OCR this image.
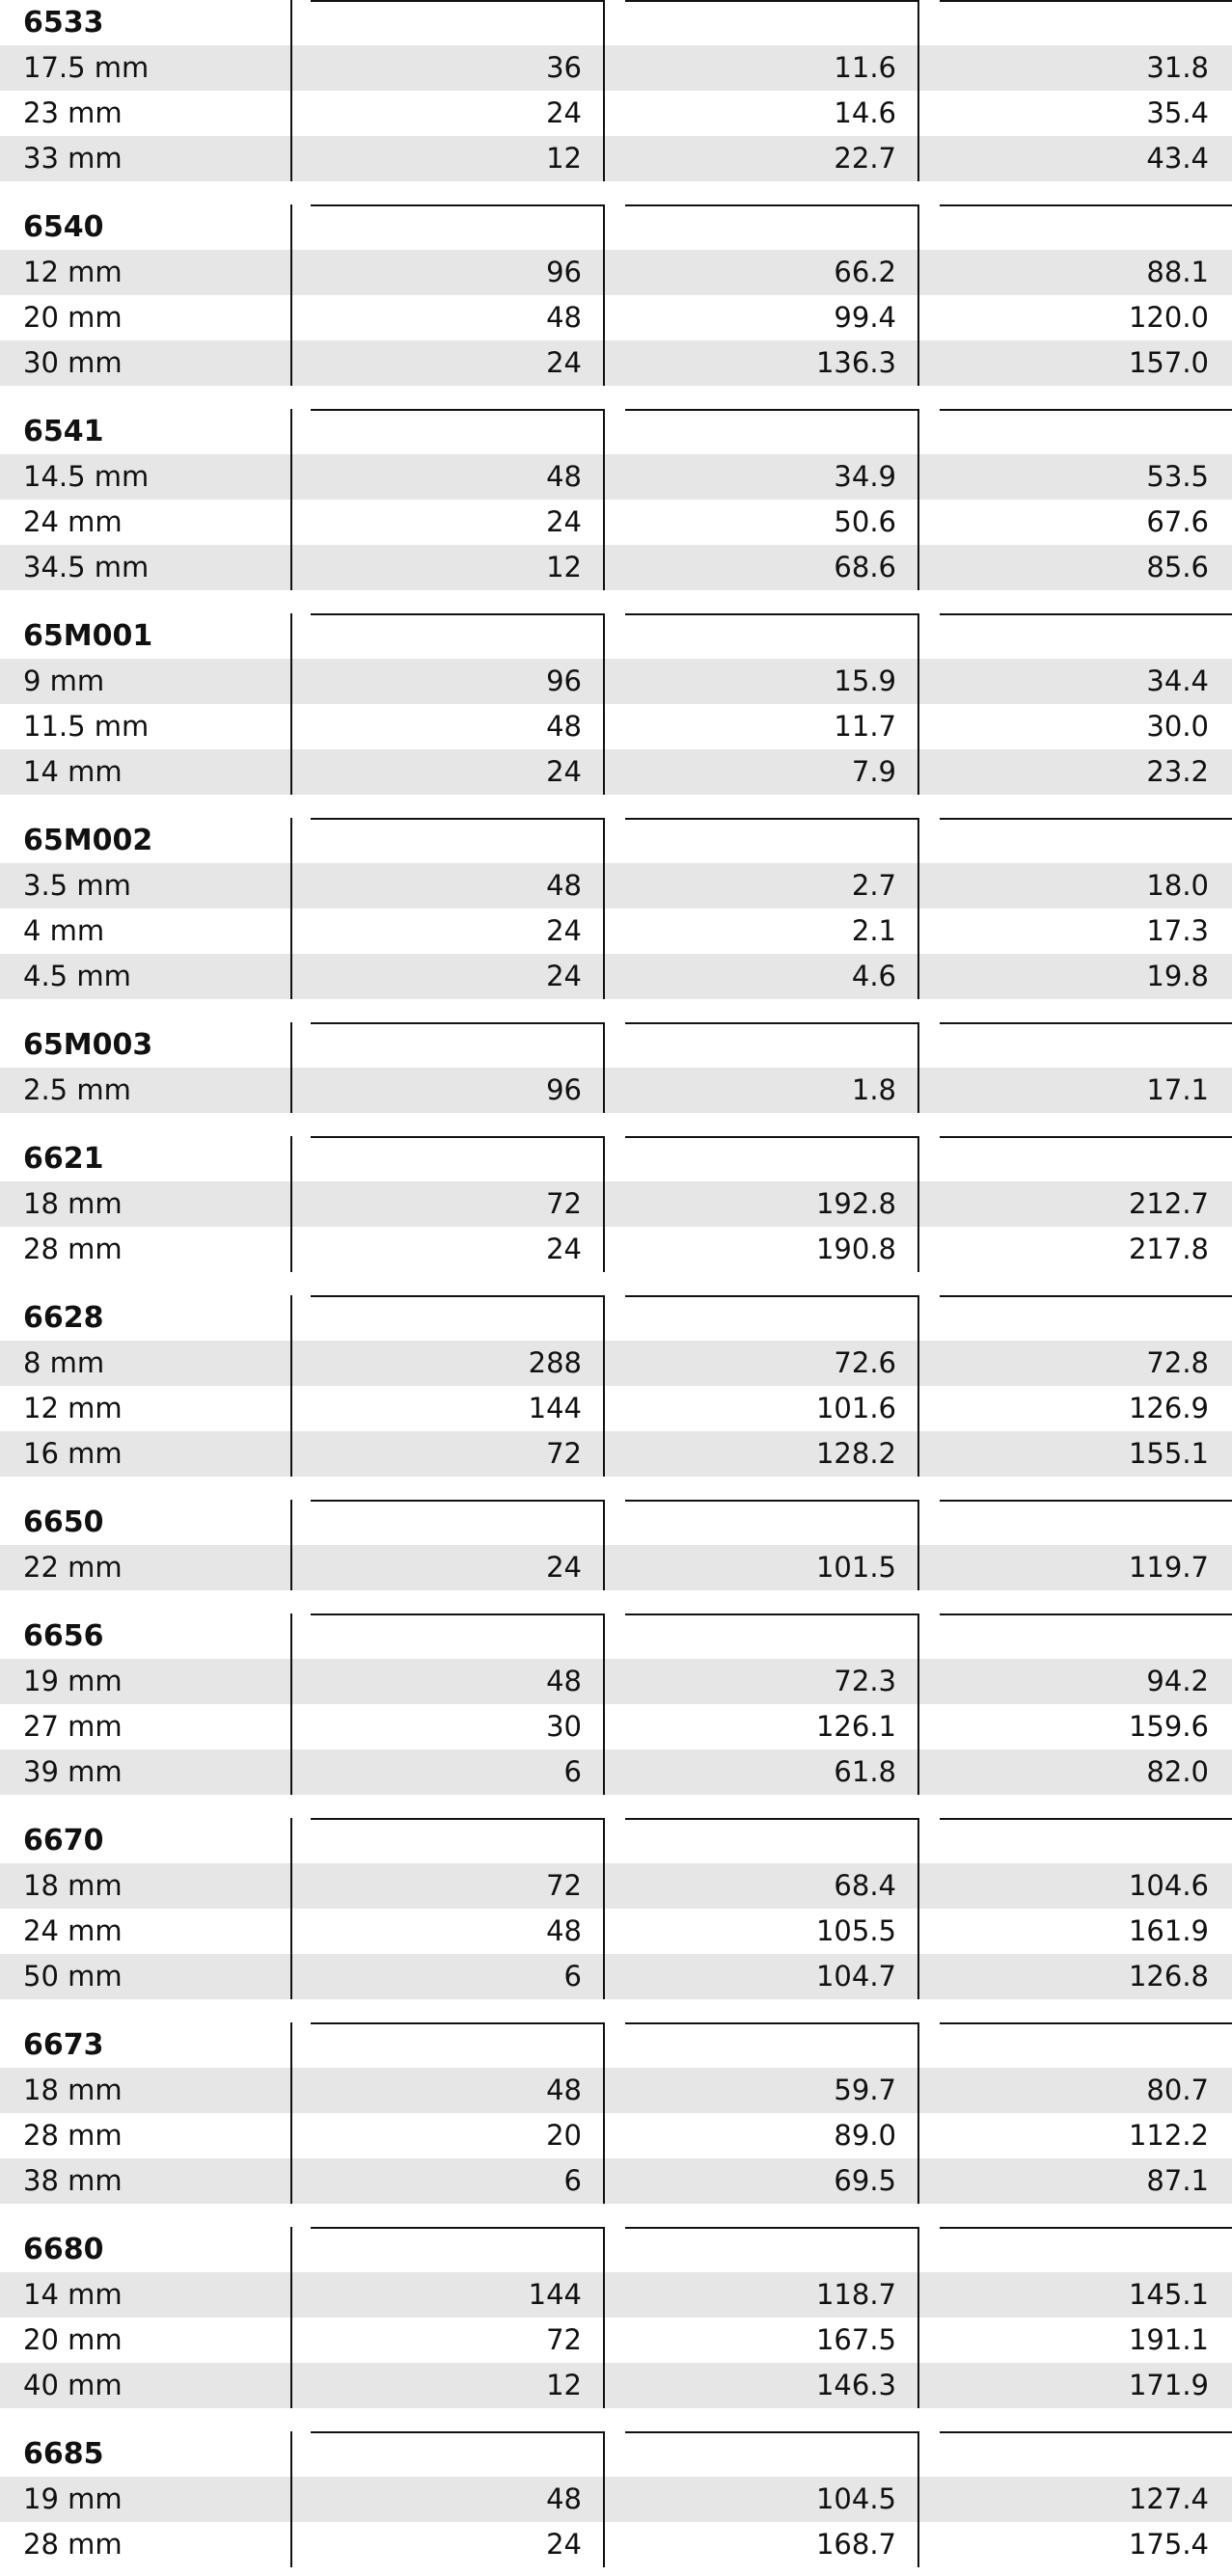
6533
17.5 mm	36	11.6	31.8
23 mm	24	14.6	35.4
33 mm	12	22.7	43.4
6540
12 mm	96	66.2	88.1
20 mm	48	99.4	120.0
30 mm	24	136.3	157.0
6541
14.5 mm	48	34.9	53.5
24 mm	24	50.6	67.6
34.5 mm	12	68.6	85.6
65M001
9 mm	96	15.9	34.4
11.5 mm	48	11.7	30.0
14 mm	24	7.9	23.2
65M002
3.5 mm	48	2.7	18.0
4 mm	24	2.1	17.3
4.5 mm	24	4.6	19.8
65M003
2.5 mm	96	1.8	17.1
6621
18 mm	72	192.8	212.7
28 mm	24	190.8	217.8
6628
8 mm	288	72.6	72.8
12 mm	144	101.6	126.9
16 mm	72	128.2	155.1
6650
22 mm	24	101.5	119.7
6656
19 mm	48	72.3	94.2
27 mm	30	126.1	159.6
39 mm	6	61.8	82.0
6670
18 mm	72	68.4	104.6
24 mm	48	105.5	161.9
50 mm	6	104.7	126.8
6673
18 mm	48	59.7	80.7
28 mm	20	89.0	112.2
38 mm	6	69.5	87.1
6680
14 mm	144	118.7	145.1
20 mm	72	167.5	191.1
40 mm	12	146.3	171.9
6685
19 mm	48	104.5	127.4
28 mm	24	168.7	175.4
